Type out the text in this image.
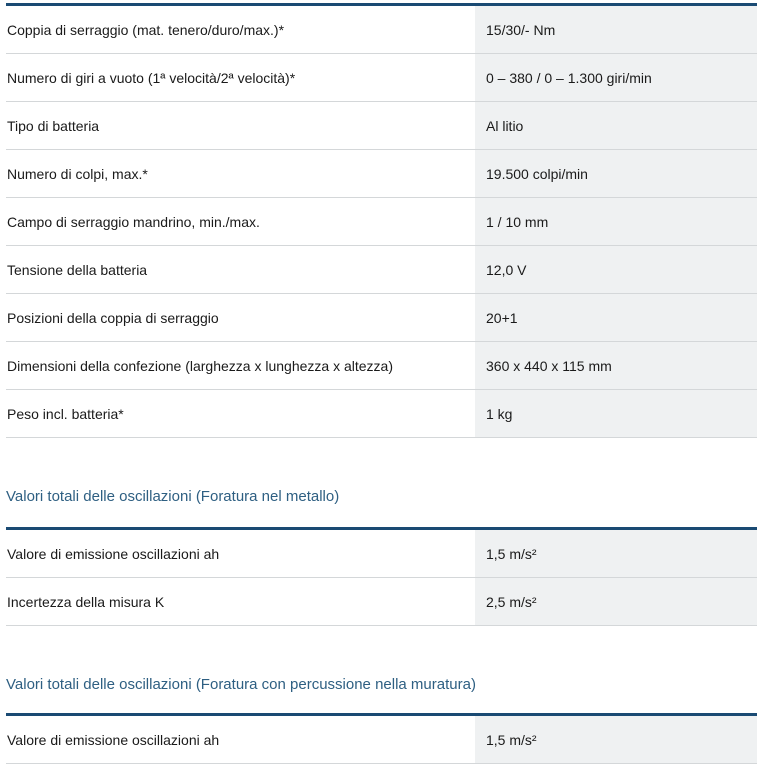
Coppia di serraggio (mat. tenero/duro/max.)*	15/30/- Nm
Numero di giri a vuoto (1ª velocità/2ª velocità)*	0 – 380 / 0 – 1.300 giri/min
Tipo di batteria	Al litio
Numero di colpi, max.*	19.500 colpi/min
Campo di serraggio mandrino, min./max.	1 / 10 mm
Tensione della batteria	12,0 V
Posizioni della coppia di serraggio	20+1
Dimensioni della confezione (larghezza x lunghezza x altezza)	360 x 440 x 115 mm
Peso incl. batteria*	1 kg
Valori totali delle oscillazioni (Foratura nel metallo)
Valore di emissione oscillazioni ah	1,5 m/s²
Incertezza della misura K	2,5 m/s²
Valori totali delle oscillazioni (Foratura con percussione nella muratura)
Valore di emissione oscillazioni ah	1,5 m/s²
